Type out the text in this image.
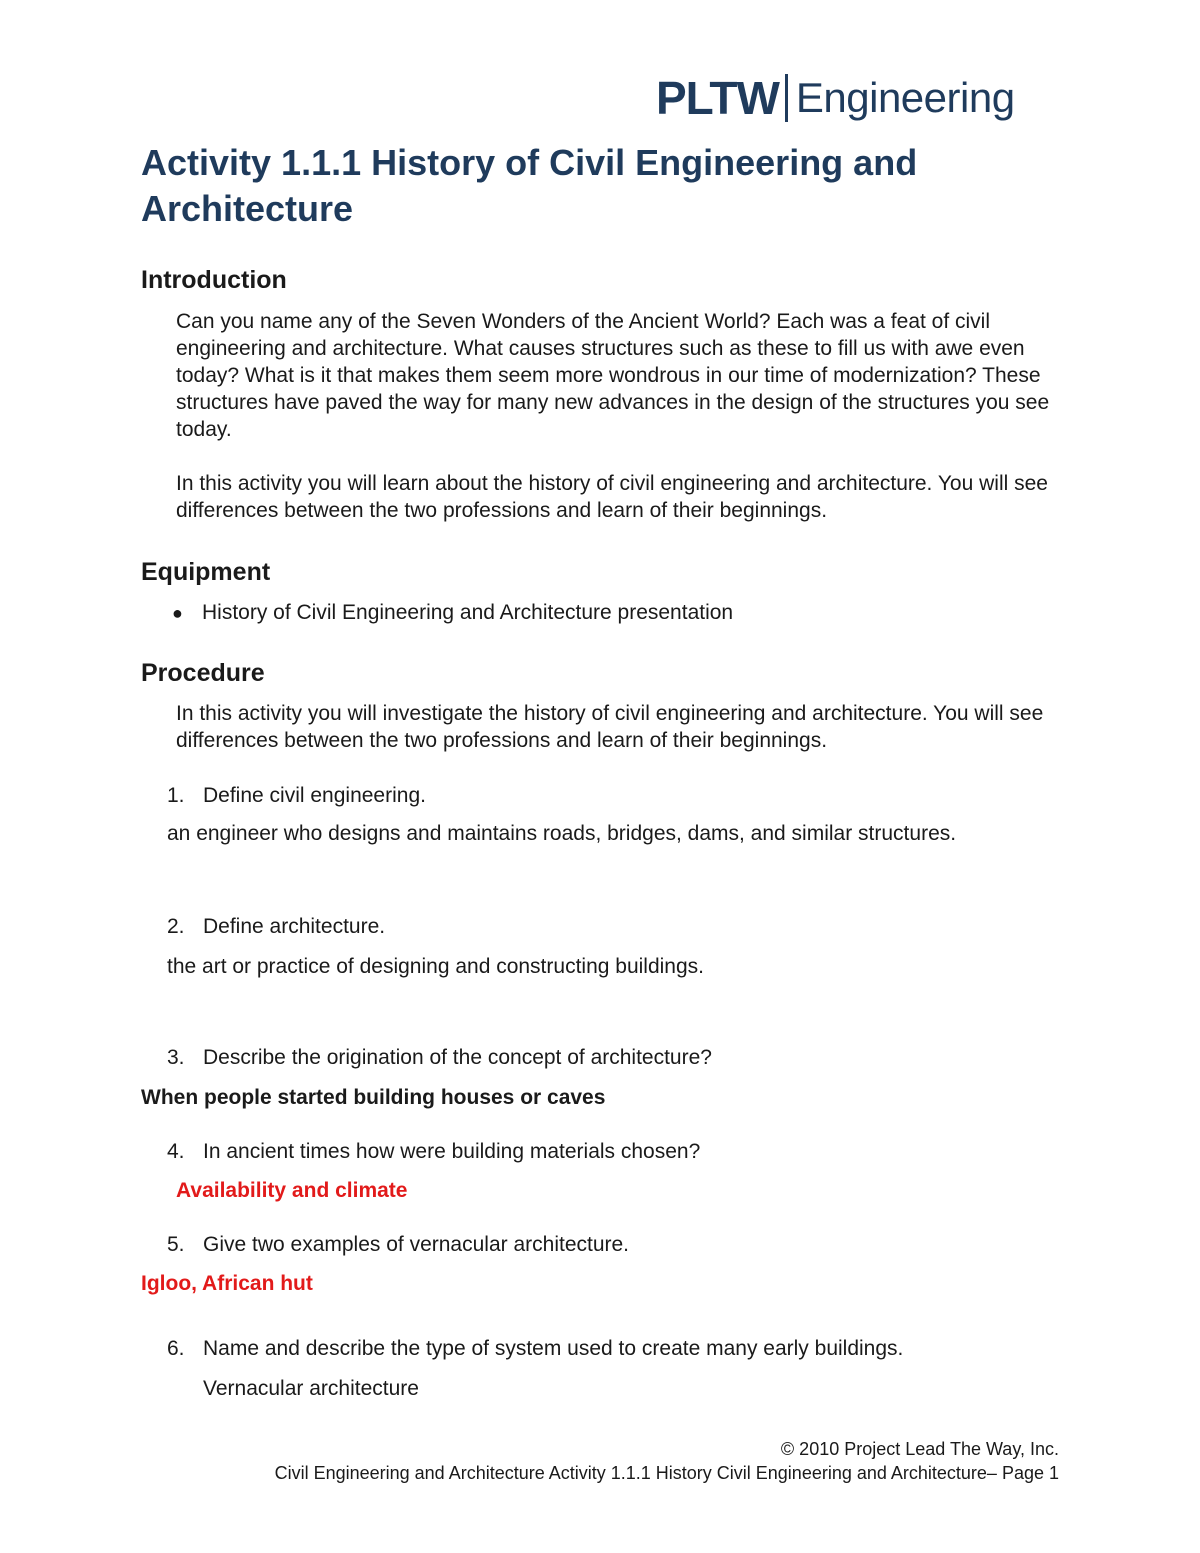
PLTW Engineering
Activity 1.1.1 History of Civil Engineering and Architecture
Introduction

Can you name any of the Seven Wonders of the Ancient World? Each was a feat of civil engineering and architecture. What causes structures such as these to fill us with awe even today? What is it that makes them seem more wondrous in our time of modernization? These structures have paved the way for many new advances in the design of the structures you see today.

In this activity you will learn about the history of civil engineering and architecture. You will see differences between the two professions and learn of their beginnings.

Equipment
● History of Civil Engineering and Architecture presentation
Procedure

In this activity you will investigate the history of civil engineering and architecture. You will see differences between the two professions and learn of their beginnings.

1. Define civil engineering.
an engineer who designs and maintains roads, bridges, dams, and similar structures.
2. Define architecture.
the art or practice of designing and constructing buildings.
3. Describe the origination of the concept of architecture?
When people started building houses or caves
4. In ancient times how were building materials chosen?
Availability and climate
5. Give two examples of vernacular architecture.
Igloo, African hut
6. Name and describe the type of system used to create many early buildings.
Vernacular architecture
© 2010 Project Lead The Way, Inc.
Civil Engineering and Architecture Activity 1.1.1 History Civil Engineering and Architecture– Page 1
